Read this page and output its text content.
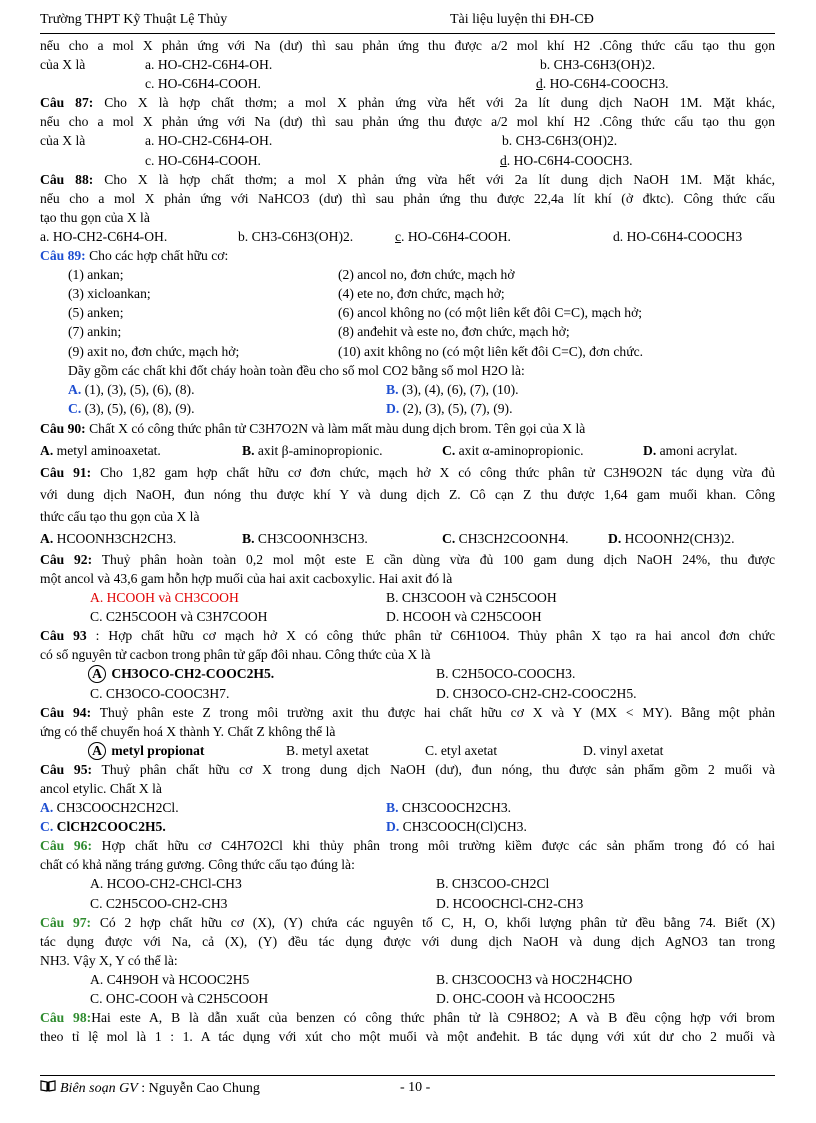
Trường THPT Kỹ Thuật Lệ Thủy	Tài liệu luyện thi ĐH-CĐ
nếu cho a mol X phản ứng với Na (dư) thì sau phản ứng thu được a/2 mol khí H2 .Công thức cấu tạo thu gọn
của X là	a. HO-CH2-C6H4-OH.	b. CH3-C6H3(OH)2.
c. HO-C6H4-COOH.	d. HO-C6H4-COOCH3.
Câu 87: Cho X là hợp chất thơm; a mol X phản ứng vừa hết với 2a lít dung dịch NaOH 1M. Mặt khác,
nếu cho a mol X phản ứng với Na (dư) thì sau phản ứng thu được a/2 mol khí H2 .Công thức cấu tạo thu gọn
của X là	a. HO-CH2-C6H4-OH.	b. CH3-C6H3(OH)2.
c. HO-C6H4-COOH.	d. HO-C6H4-COOCH3.
Câu 88: Cho X là hợp chất thơm; a mol X phản ứng vừa hết với 2a lít dung dịch NaOH 1M. Mặt khác,
nếu cho a mol X phản ứng với NaHCO3 (dư) thì sau phản ứng thu được 22,4a lít khí (ở đktc). Công thức cấu
tạo thu gọn của X là
a. HO-CH2-C6H4-OH.	b. CH3-C6H3(OH)2.	c. HO-C6H4-COOH.	d. HO-C6H4-COOCH3
Câu 89: Cho các hợp chất hữu cơ:
(1) ankan;	(2) ancol no, đơn chức, mạch hở
(3) xicloankan;	(4) ete no, đơn chức, mạch hở;
(5) anken;	(6) ancol không no (có một liên kết đôi C=C), mạch hở;
(7) ankin;	(8) anđehit và este no, đơn chức, mạch hở;
(9) axit no, đơn chức, mạch hở;	(10) axit không no (có một liên kết đôi C=C), đơn chức.
Dãy gồm các chất khi đốt cháy hoàn toàn đều cho số mol CO2 bằng số mol H2O là:
A. (1), (3), (5), (6), (8).	B. (3), (4), (6), (7), (10).
C. (3), (5), (6), (8), (9).	D. (2), (3), (5), (7), (9).
Câu 90: Chất X có công thức phân tử C3H7O2N và làm mất màu dung dịch brom. Tên gọi của X là
A. metyl aminoaxetat.	B. axit β-aminopropionic.	C. axit α-aminopropionic.	D. amoni acrylat.
Câu 91: Cho 1,82 gam hợp chất hữu cơ đơn chức, mạch hở X có công thức phân tử C3H9O2N tác dụng vừa đủ
với dung dịch NaOH, đun nóng thu được khí Y và dung dịch Z. Cô cạn Z thu được 1,64 gam muối khan. Công
thức cấu tạo thu gọn của X là
A. HCOONH3CH2CH3.	B. CH3COONH3CH3.	C. CH3CH2COONH4.	D. HCOONH2(CH3)2.
Câu 92: Thuỷ phân hoàn toàn 0,2 mol một este E cần dùng vừa đủ 100 gam dung dịch NaOH 24%, thu được
một ancol và 43,6 gam hỗn hợp muối của hai axit cacboxylic. Hai axit đó là
A. HCOOH và CH3COOH	B. CH3COOH và C2H5COOH
C. C2H5COOH và C3H7COOH	D. HCOOH và C2H5COOH
Câu 93 : Hợp chất hữu cơ mạch hở X có công thức phân tử C6H10O4. Thủy phân X tạo ra hai ancol đơn chức
có số nguyên tử cacbon trong phân tử gấp đôi nhau. Công thức của X là
A CH3OCO-CH2-COOC2H5.	B. C2H5OCO-COOCH3.
C. CH3OCO-COOC3H7.	D. CH3OCO-CH2-CH2-COOC2H5.
Câu 94: Thuỷ phân este Z trong môi trường axit thu được hai chất hữu cơ X và Y (MX < MY). Bằng một phản
ứng có thể chuyển hoá X thành Y. Chất Z không thể là
A metyl propionat	B. metyl axetat	C. etyl axetat	D. vinyl axetat
Câu 95: Thuỷ phân chất hữu cơ X trong dung dịch NaOH (dư), đun nóng, thu được sản phẩm gồm 2 muối và
ancol etylic. Chất X là
A. CH3COOCH2CH2Cl.	B. CH3COOCH2CH3.
C. ClCH2COOC2H5.	D. CH3COOCH(Cl)CH3.
Câu 96: Hợp chất hữu cơ C4H7O2Cl khi thủy phân trong môi trường kiềm được các sản phẩm trong đó có hai
chất có khả năng tráng gương. Công thức cấu tạo đúng là:
A. HCOO-CH2-CHCl-CH3	B. CH3COO-CH2Cl
C. C2H5COO-CH2-CH3	D. HCOOCHCl-CH2-CH3
Câu 97: Có 2 hợp chất hữu cơ (X), (Y) chứa các nguyên tố C, H, O, khối lượng phân tử đều bằng 74. Biết (X)
tác dụng được với Na, cả (X), (Y) đều tác dụng được với dung dịch NaOH và dung dịch AgNO3 tan trong
NH3. Vậy X, Y có thể là:
A. C4H9OH và HCOOC2H5	B. CH3COOCH3 và HOC2H4CHO
C. OHC-COOH và C2H5COOH	D. OHC-COOH và HCOOC2H5
Câu 98:Hai este A, B là dẫn xuất của benzen có công thức phân tử là C9H8O2; A và B đều cộng hợp với brom
theo tỉ lệ mol là 1 : 1. A tác dụng với xút cho một muối và một anđehit. B tác dụng với xút dư cho 2 muối và
Biên soạn GV : Nguyễn Cao Chung	- 10 -
